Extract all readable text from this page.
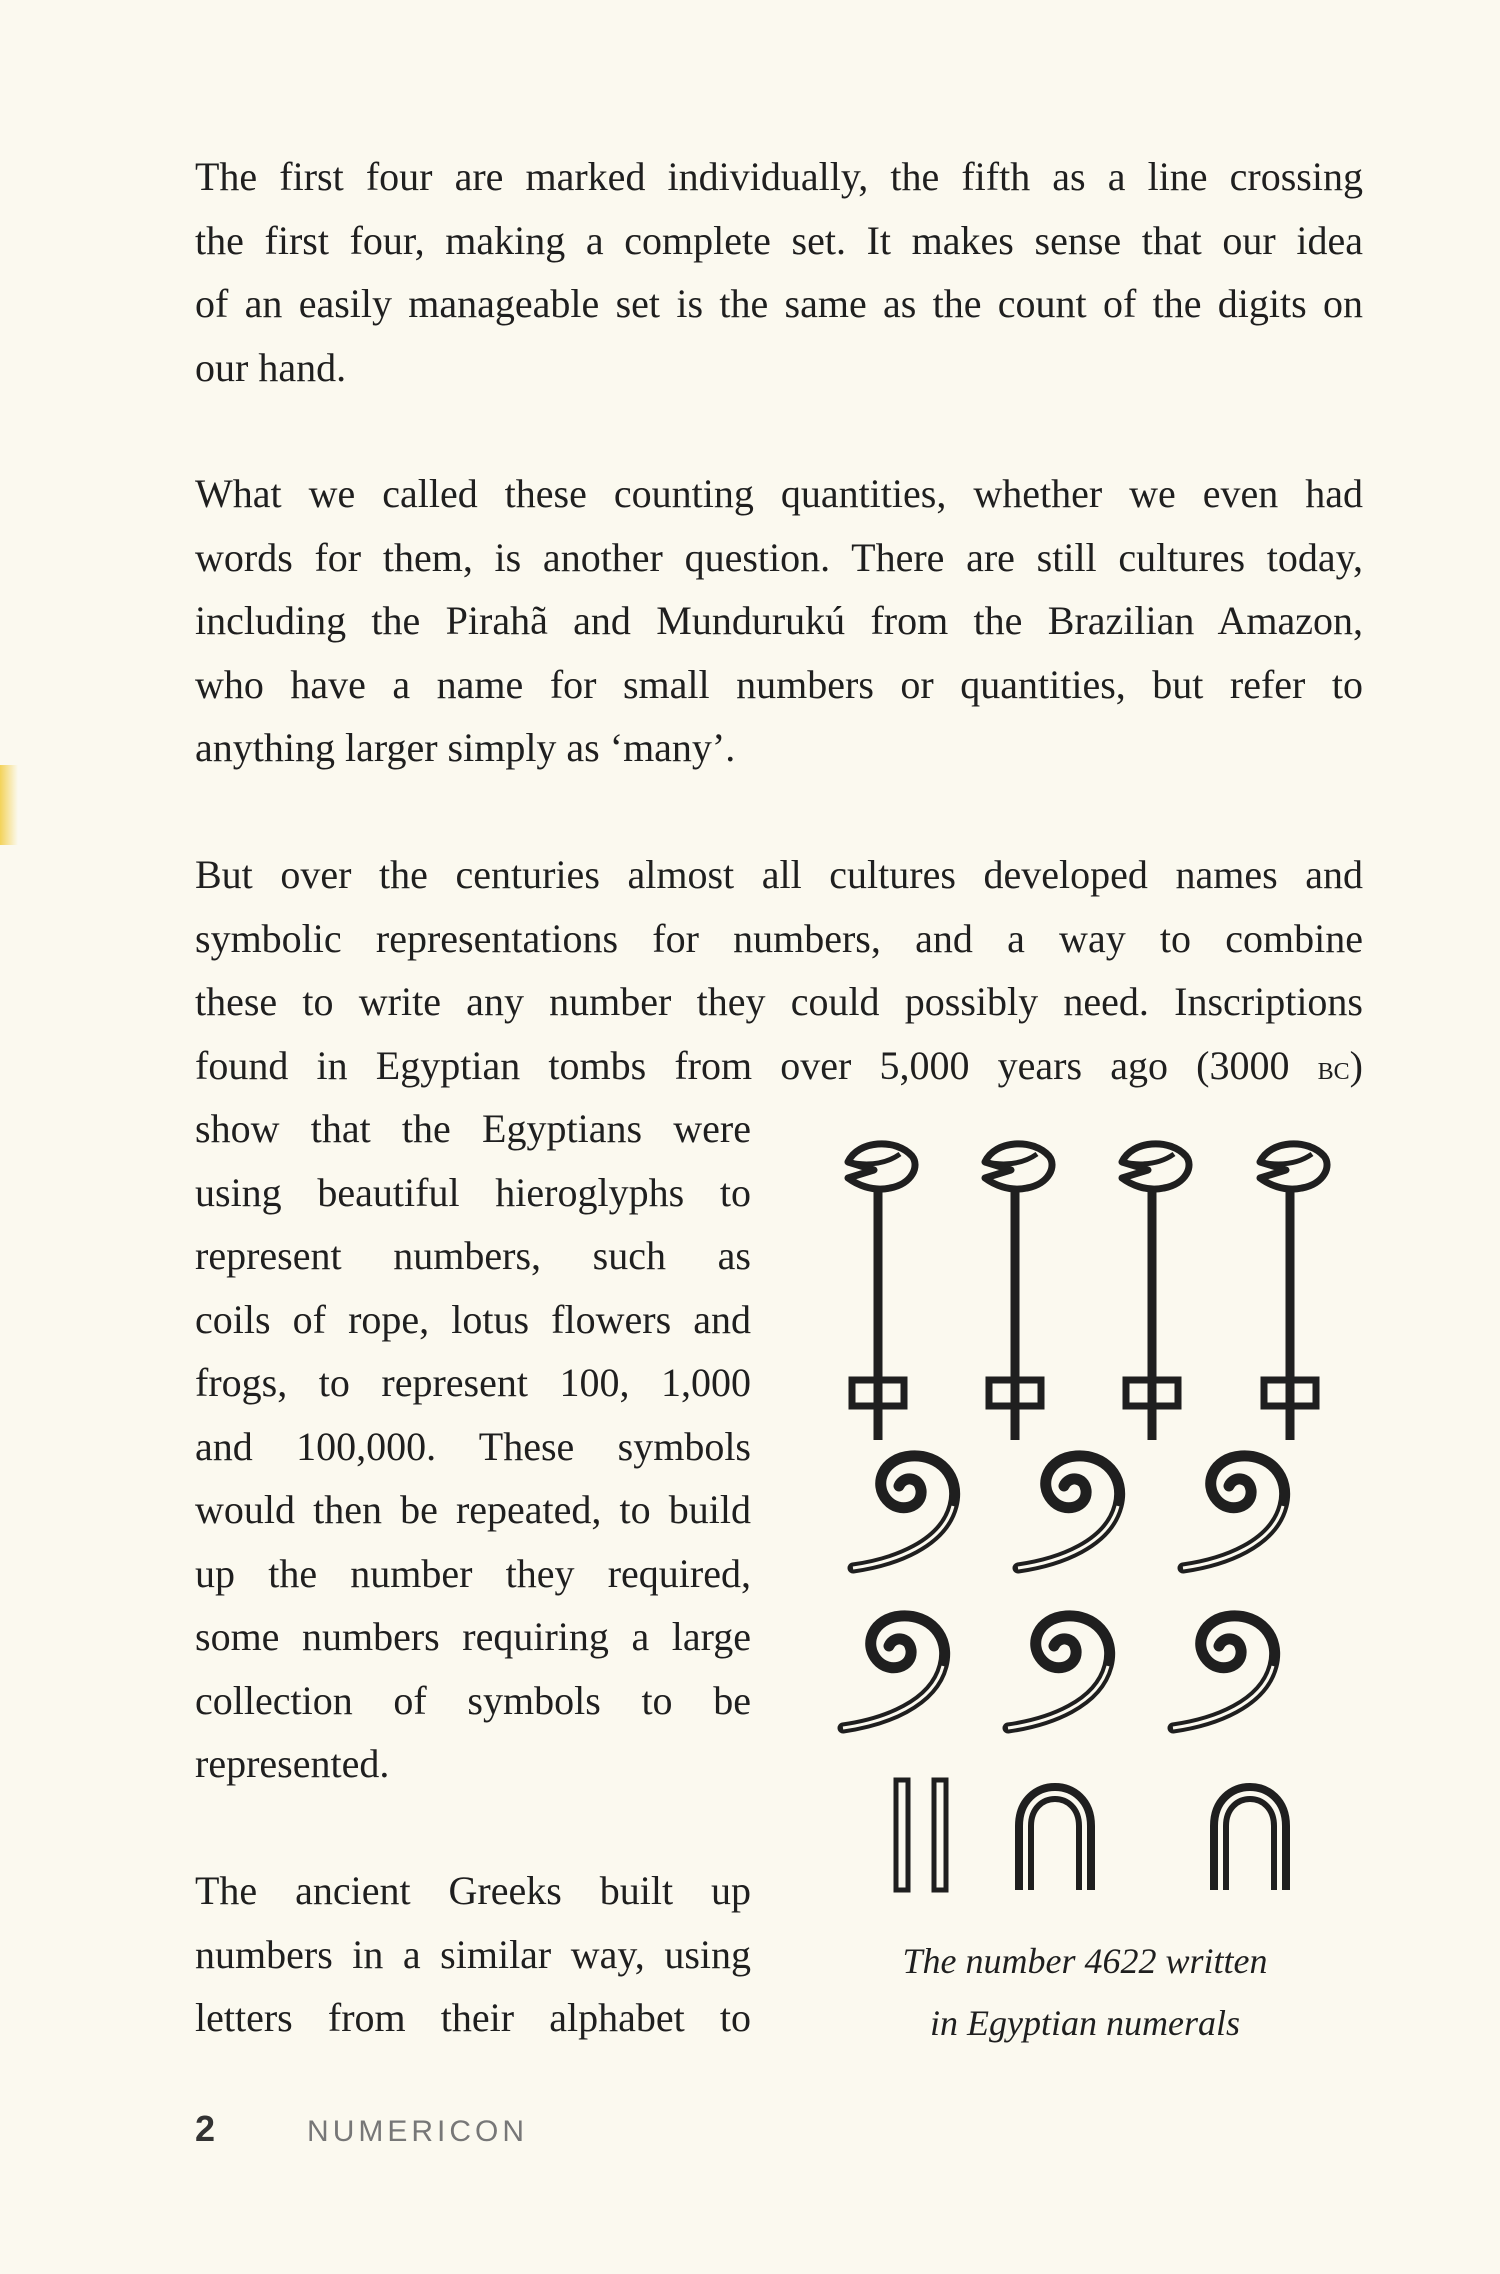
The first four are marked individually, the fifth as a line crossing
the first four, making a complete set. It makes sense that our idea
of an easily manageable set is the same as the count of the digits on
our hand.

What we called these counting quantities, whether we even had
words for them, is another question. There are still cultures today,
including the Pirahã and Mundurukú from the Brazilian Amazon,
who have a name for small numbers or quantities, but refer to
anything larger simply as ‘many’.

But over the centuries almost all cultures developed names and
symbolic representations for numbers, and a way to combine
these to write any number they could possibly need. Inscriptions
found in Egyptian tombs from over 5,000 years ago (3000 bc)

show that the Egyptians were
using beautiful hieroglyphs to
represent numbers, such as
coils of rope, lotus flowers and
frogs, to represent 100, 1,000
and 100,000. These symbols
would then be repeated, to build
up the number they required,
some numbers requiring a large
collection of symbols to be
represented.

The ancient Greeks built up
numbers in a similar way, using
letters from their alphabet to

The number 4622 written
in Egyptian numerals
2	NUMERICON
